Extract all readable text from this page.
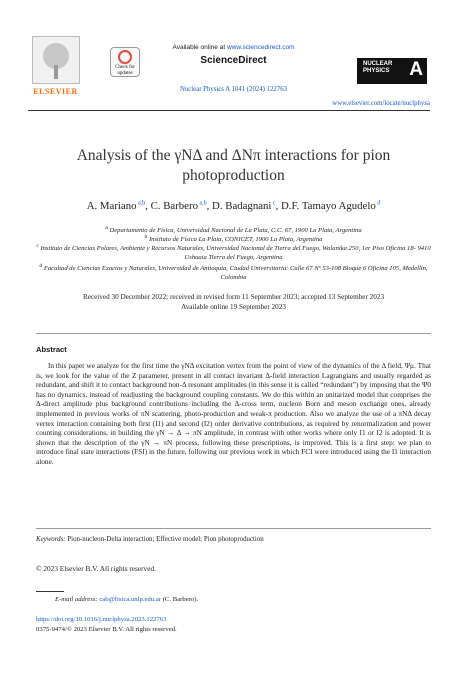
ELSEVIER
Check for updates
Available online at www.sciencedirect.com
ScienceDirect
Nuclear Physics A 1041 (2024) 122763
NUCLEAR
PHYSICS	A
www.elsevier.com/locate/nuclphysa
Analysis of the γNΔ and ΔNπ interactions for pion
photoproduction
A. Mariano $^{a,b}$, C. Barbero $^{a,b}$, D. Badagnani $^c$, D.F. Tamayo Agudelo $^d$
$^a$ Departamento de Física, Universidad Nacional de La Plata, C.C. 67, 1900 La Plata, Argentina
$^b$ Instituto de Física La Plata, CONICET, 1900 La Plata, Argentina
$^c$ Instituto de Ciencias Polares, Ambiente y Recursos Naturales, Universidad Nacional de Tierra del Fuego, Walanika 250, 1er Piso Oficina 18- 9410 Ushuaia Tierra del Fuego, Argentina
$^d$ Facultad de Ciencias Exactas y Naturales, Universidad de Antioquia, Ciudad Universitaria: Calle 67 Nº 53-108 Bloque 6 Oficina 105, Medellín, Colombia
Received 30 December 2022; received in revised form 11 September 2023; accepted 13 September 2023
Available online 19 September 2023
Abstract

In this paper we analyze for the first time the γNΔ excitation vertex from the point of view of the dynamics of the Δ field, Ψμ. That is, we look for the value of the Z parameter, present in all contact invariant Δ-field interaction Lagrangians and usually regarded as redundant, and shift it to contact background non-Δ resonant amplitudes (in this sense it is called “redundant”) by imposing that the Ψ0 has no dynamics, instead of readjusting the background coupling constants. We do this within an unitarized model that comprises the Δ-direct amplitude plus background contributions including the Δ-cross term, nucleon Born and meson exchange ones, already implemented in previous works of πN scattering, photo-production and weak-π production. Also we analyze the use of a πNΔ decay vertex interaction containing both first (I1) and second (I2) order derivative contributions, as required by renormalization and power counting considerations, in building the γN → Δ → πN amplitude, in contrast with other works where only I1 or I2 is adopted. It is shown that the description of the γN → πN process, following these prescriptions, is improved. This is a first step: we plan to introduce final state interactions (FSI) in the future, following our previous work in which FCI were introduced using the I1 interaction alone.

© 2023 Elsevier B.V. All rights reserved.
Keywords: Pion-nucleon-Delta interaction; Effective model; Pion photoproduction
E-mail address: cab@fisica.unlp.edu.ar (C. Barbero).
https://doi.org/10.1016/j.nuclphysa.2023.122763
0375-9474/© 2023 Elsevier B.V. All rights reserved.
